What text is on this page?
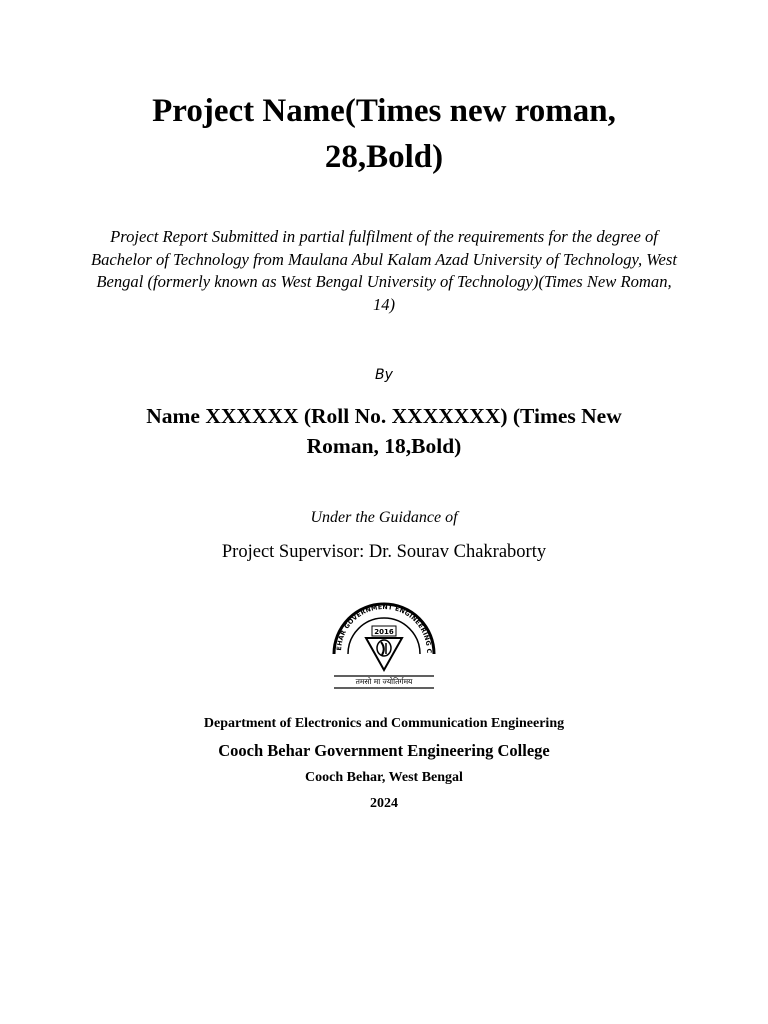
Project Name(Times new roman,
28,Bold)

Project Report Submitted in partial fulfilment of the requirements for the degree of Bachelor of Technology from Maulana Abul Kalam Azad University of Technology, West Bengal (formerly known as West Bengal University of Technology)(Times New Roman, 14)

By

Name XXXXXX (Roll No. XXXXXXX) (Times New
Roman, 18,Bold)

Under the Guidance of

Project Supervisor: Dr. Sourav Chakraborty

EHAR GOVERNMENT ENGINEERING C
2016
तमसो मा ज्योतिर्गमय

Department of Electronics and Communication Engineering

Cooch Behar Government Engineering College

Cooch Behar, West Bengal

2024
